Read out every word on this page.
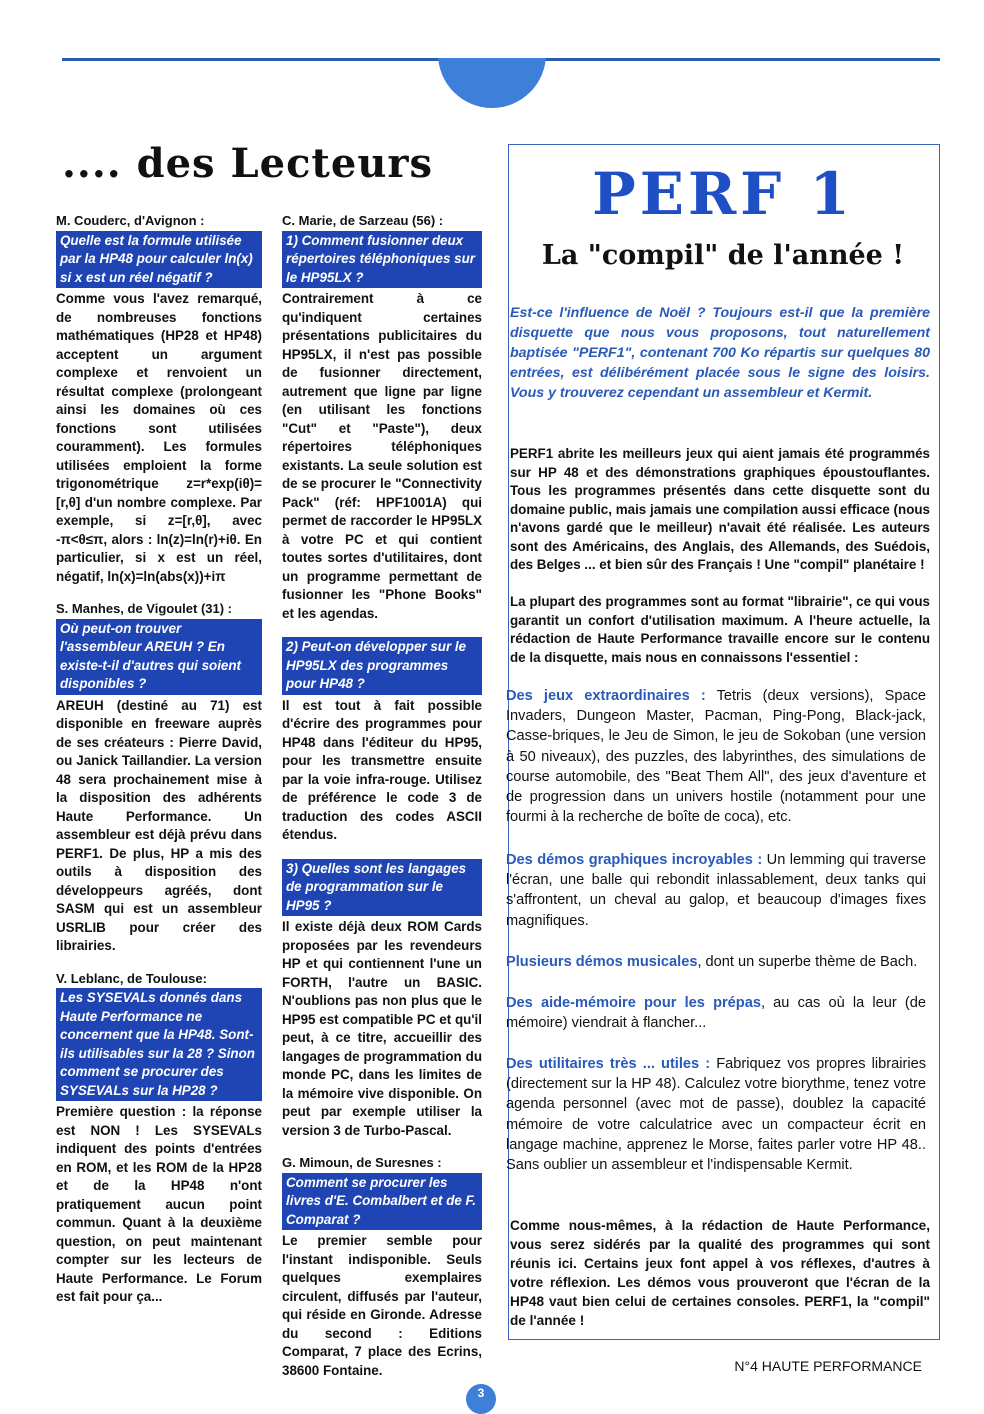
.... des Lecteurs

M. Couderc, d'Avignon :

Quelle est la formule utilisée par la HP48 pour calculer ln(x) si x est un réel négatif ?

Comme vous l'avez remarqué, de nombreuses fonctions mathématiques (HP28 et HP48) acceptent un argument complexe et renvoient un résultat complexe (prolongeant ainsi les domaines où ces fonctions sont utilisées couramment). Les formules utilisées emploient la forme trigonométrique z=r*exp(iθ)=[r,θ] d'un nombre complexe. Par exemple, si z=[r,θ], avec -π<θ≤π, alors : ln(z)=ln(r)+iθ. En particulier, si x est un réel, négatif, ln(x)=ln(abs(x))+iπ

S. Manhes, de Vigoulet (31) :

Où peut-on trouver l'assembleur AREUH ? En existe-t-il d'autres qui soient disponibles ?

AREUH (destiné au 71) est disponible en freeware auprès de ses créateurs : Pierre David, ou Janick Taillandier. La version 48 sera prochainement mise à la disposition des adhérents Haute Performance. Un assembleur est déjà prévu dans PERF1. De plus, HP a mis des outils à disposition des développeurs agréés, dont SASM qui est un assembleur USRLIB pour créer des librairies.

V. Leblanc, de Toulouse:

Les SYSEVALs donnés dans Haute Performance ne concernent que la HP48. Sont-ils utilisables sur la 28 ? Sinon comment se procurer des SYSEVALs sur la HP28 ?

Première question : la réponse est NON ! Les SYSEVALs indiquent des points d'entrées en ROM, et les ROM de la HP28 et de la HP48 n'ont pratiquement aucun point commun. Quant à la deuxième question, on peut maintenant compter sur les lecteurs de Haute Performance. Le Forum est fait pour ça...

C. Marie, de Sarzeau (56) :

1) Comment fusionner deux répertoires téléphoniques sur le HP95LX ?

Contrairement à ce qu'indiquent certaines présentations publicitaires du HP95LX, il n'est pas possible de fusionner directement, autrement que ligne par ligne (en utilisant les fonctions "Cut" et "Paste"), deux répertoires téléphoniques existants. La seule solution est de se procurer le "Connectivity Pack" (réf: HPF1001A) qui permet de raccorder le HP95LX à votre PC et qui contient toutes sortes d'utilitaires, dont un programme permettant de fusionner les "Phone Books" et les agendas.

2) Peut-on développer sur le HP95LX des programmes pour HP48 ?

Il est tout à fait possible d'écrire des programmes pour HP48 dans l'éditeur du HP95, pour les transmettre ensuite par la voie infra-rouge. Utilisez de préférence le code 3 de traduction des codes ASCII étendus.

3) Quelles sont les langages de programmation sur le HP95 ?

Il existe déjà deux ROM Cards proposées par les revendeurs HP et qui contiennent l'une un FORTH, l'autre un BASIC. N'oublions pas non plus que le HP95 est compatible PC et qu'il peut, à ce titre, accueillir des langages de programmation du monde PC, dans les limites de la mémoire vive disponible. On peut par exemple utiliser la version 3 de Turbo-Pascal.

G. Mimoun, de Suresnes :

Comment se procurer les livres d'E. Combalbert et de F. Comparat ?

Le premier semble pour l'instant indisponible. Seuls quelques exemplaires circulent, diffusés par l'auteur, qui réside en Gironde. Adresse du second : Editions Comparat, 7 place des Ecrins, 38600 Fontaine.

PERF 1
La "compil" de l'année !
Est-ce l'influence de Noël ? Toujours est-il que la première disquette que nous vous proposons, tout naturellement baptisée "PERF1", contenant 700 Ko répartis sur quelques 80 entrées, est délibérément placée sous le signe des loisirs. Vous y trouverez cependant un assembleur et Kermit.
PERF1 abrite les meilleurs jeux qui aient jamais été programmés sur HP 48 et des démonstrations graphiques époustouflantes. Tous les programmes présentés dans cette disquette sont du domaine public, mais jamais une compilation aussi efficace (nous n'avons gardé que le meilleur) n'avait été réalisée. Les auteurs sont des Américains, des Anglais, des Allemands, des Suédois, des Belges ... et bien sûr des Français ! Une "compil" planétaire !
La plupart des programmes sont au format "librairie", ce qui vous garantit un confort d'utilisation maximum. A l'heure actuelle, la rédaction de Haute Performance travaille encore sur le contenu de la disquette, mais nous en connaissons l'essentiel :
Des jeux extraordinaires : Tetris (deux versions), Space Invaders, Dungeon Master, Pacman, Ping-Pong, Black-jack, Casse-briques, le Jeu de Simon, le jeu de Sokoban (une version à 50 niveaux), des puzzles, des labyrinthes, des simulations de course automobile, des "Beat Them All", des jeux d'aventure et de progression dans un univers hostile (notamment pour une fourmi à la recherche de boîte de coca), etc.
Des démos graphiques incroyables : Un lemming qui traverse l'écran, une balle qui rebondit inlassablement, deux tanks qui s'affrontent, un cheval au galop, et beaucoup d'images fixes magnifiques.
Plusieurs démos musicales, dont un superbe thème de Bach.
Des aide-mémoire pour les prépas, au cas où la leur (de mémoire) viendrait à flancher...
Des utilitaires très ... utiles : Fabriquez vos propres librairies (directement sur la HP 48). Calculez votre biorythme, tenez votre agenda personnel (avec mot de passe), doublez la capacité mémoire de votre calculatrice avec un compacteur écrit en langage machine, apprenez le Morse, faites parler votre HP 48.. Sans oublier un assembleur et l'indispensable Kermit.
Comme nous-mêmes, à la rédaction de Haute Performance, vous serez sidérés par la qualité des programmes qui sont réunis ici. Certains jeux font appel à vos réflexes, d'autres à votre réflexion. Les démos vous prouveront que l'écran de la HP48 vaut bien celui de certaines consoles. PERF1, la "compil" de l'année !
N°4 HAUTE PERFORMANCE
3
